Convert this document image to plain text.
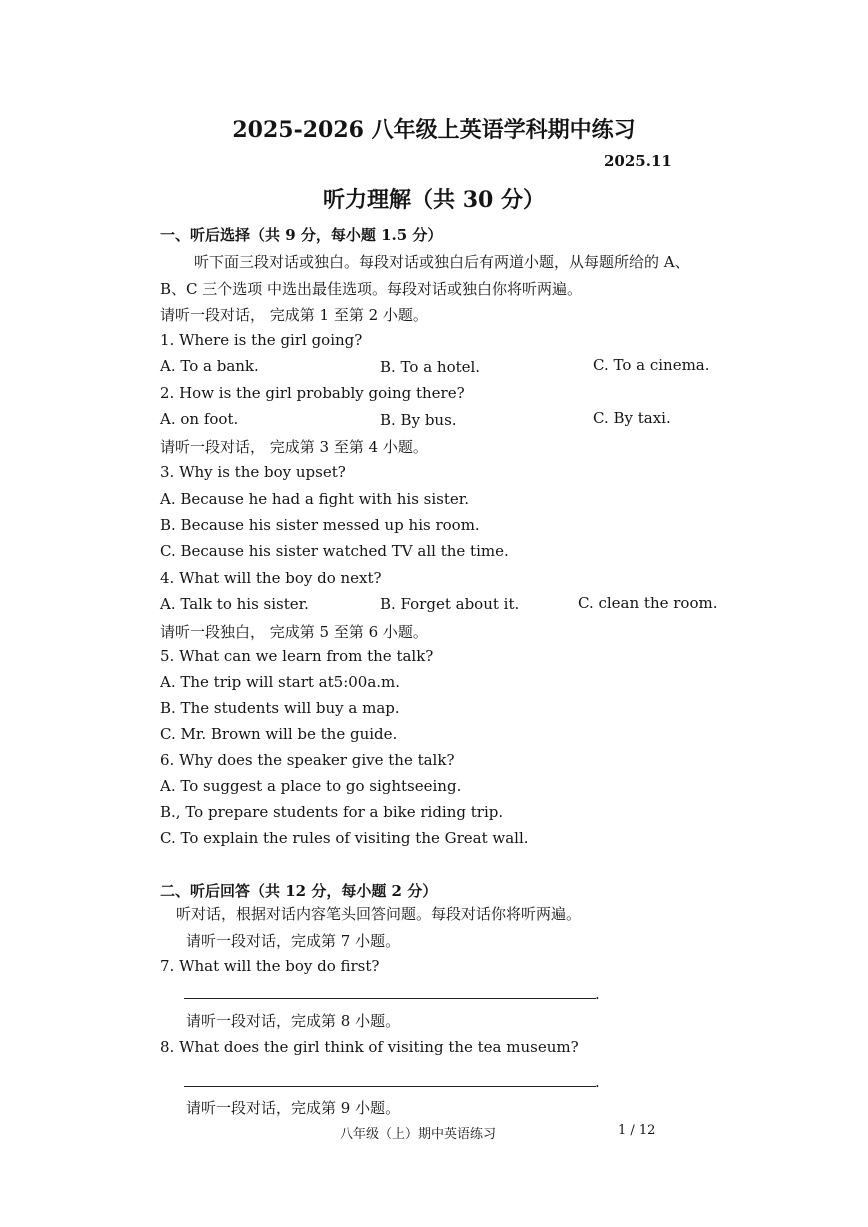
2025-2026 八年级上英语学科期中练习
2025.11
听力理解（共 30 分）
一、听后选择（共 9 分，每小题 1.5 分）
听下面三段对话或独白。每段对话或独白后有两道小题，从每题所给的 A、
B、C 三个选项 中选出最佳选项。每段对话或独白你将听两遍。
请听一段对话， 完成第 1 至第 2 小题。
1. Where is the girl going?
A. To a bank.	B. To a hotel.	C. To a cinema.
2. How is the girl probably going there?
A. on foot.	B. By bus.	C. By taxi.
请听一段对话， 完成第 3 至第 4 小题。
3. Why is the boy upset?
A. Because he had a fight with his sister.
B. Because his sister messed up his room.
C. Because his sister watched TV all the time.
4. What will the boy do next?
A. Talk to his sister.	B. Forget about it.	C. clean the room.
请听一段独白， 完成第 5 至第 6 小题。
5. What can we learn from the talk?
A. The trip will start at5:00a.m.
B. The students will buy a map.
C. Mr. Brown will be the guide.
6. Why does the speaker give the talk?
A. To suggest a place to go sightseeing.
B., To prepare students for a bike riding trip.
C. To explain the rules of visiting the Great wall.
二、听后回答（共 12 分，每小题 2 分）
听对话，根据对话内容笔头回答问题。每段对话你将听两遍。
请听一段对话，完成第 7 小题。
7. What will the boy do first?
.
请听一段对话，完成第 8 小题。
8. What does the girl think of visiting the tea museum?
.
请听一段对话，完成第 9 小题。
八年级（上）期中英语练习	1 / 12
